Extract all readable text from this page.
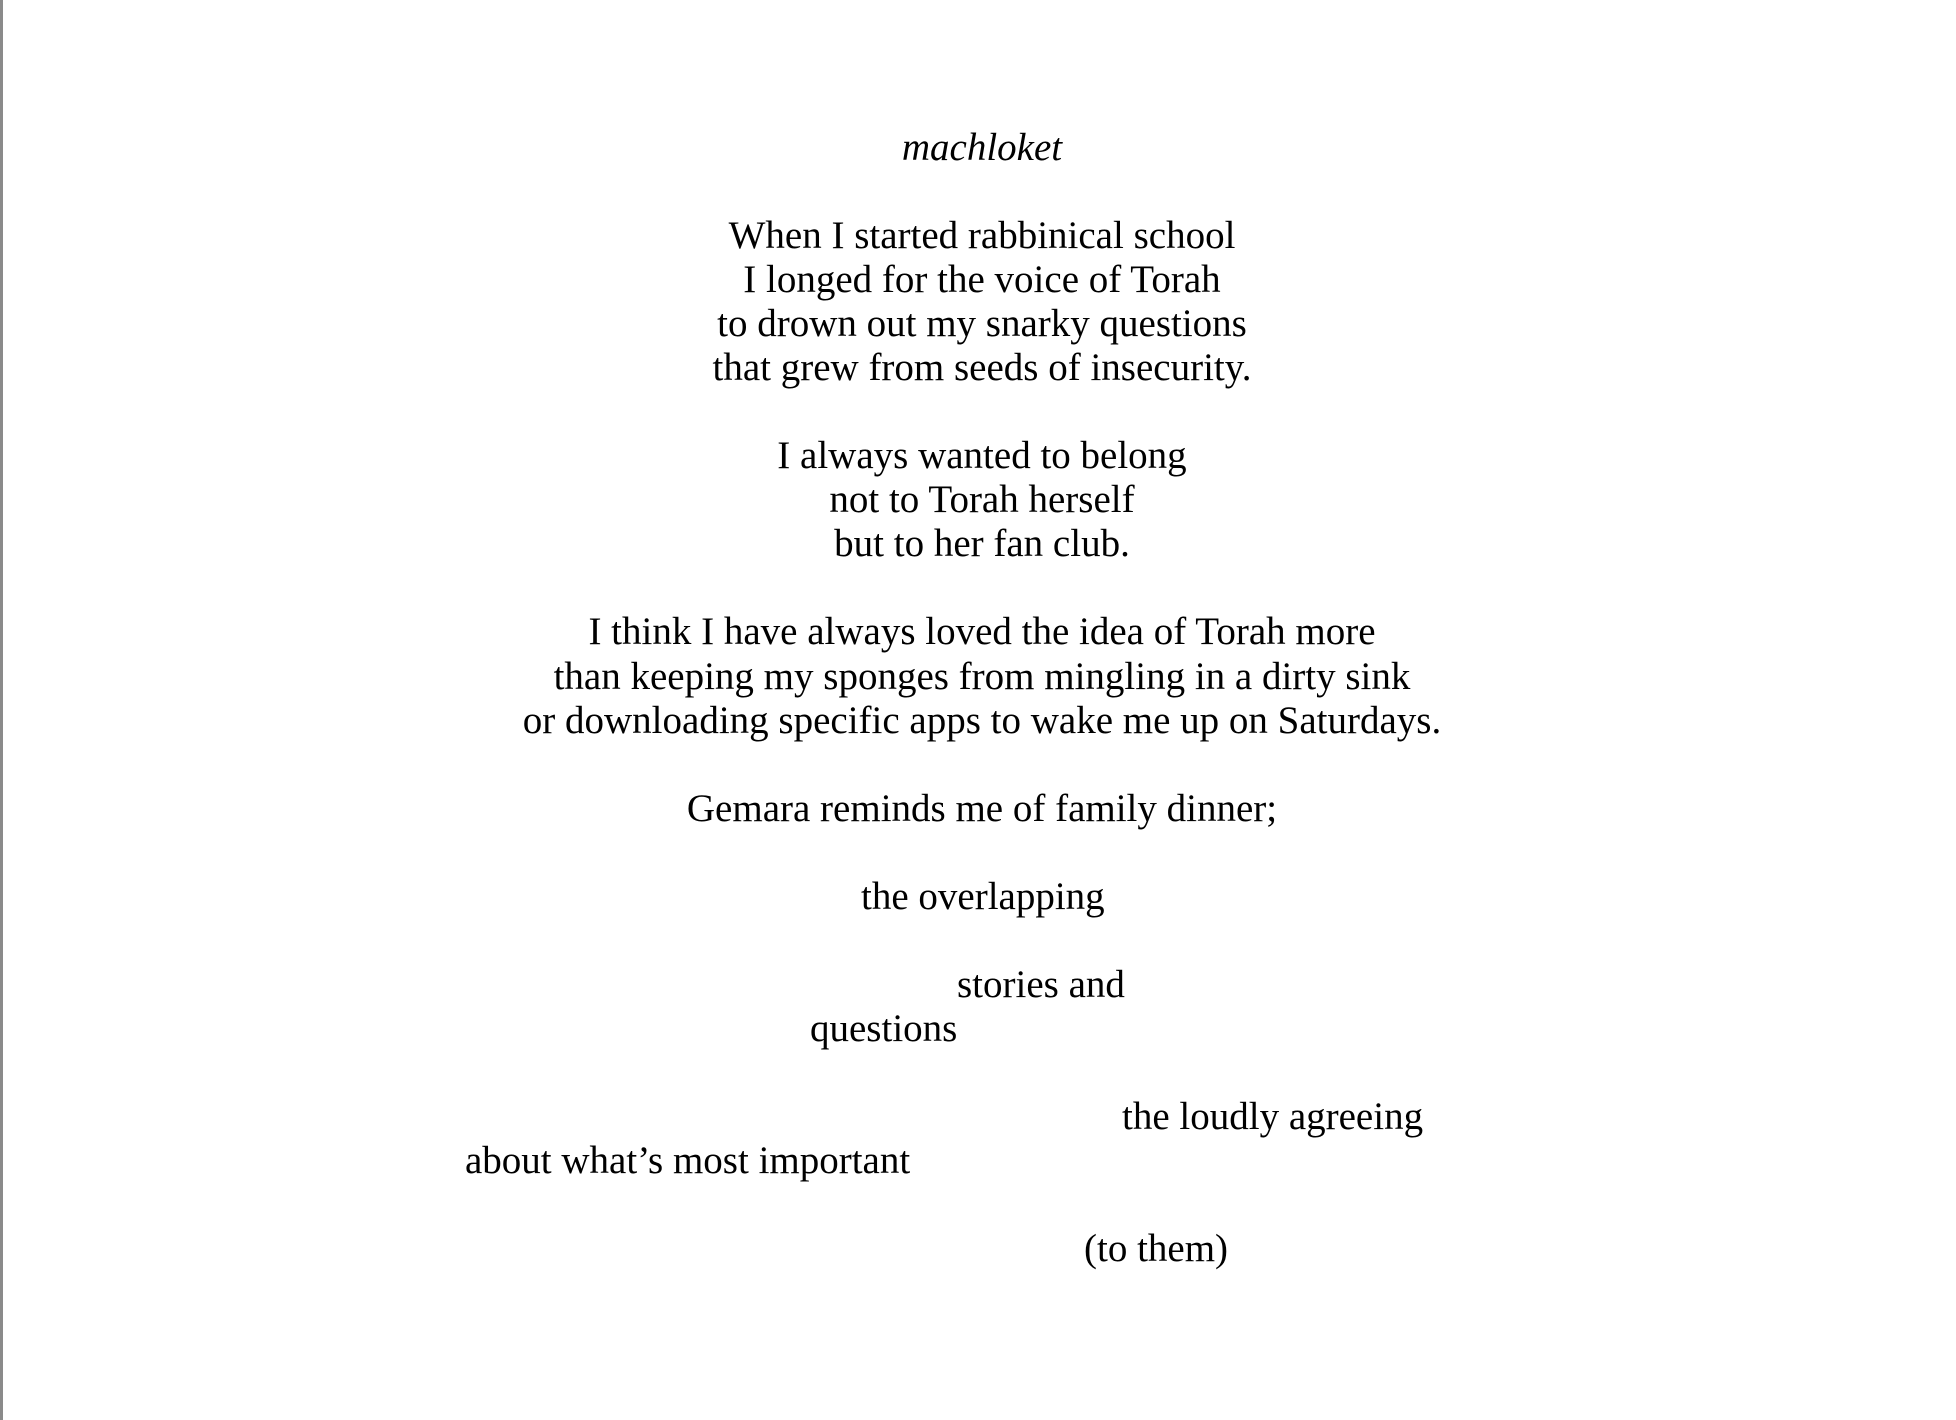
machloket

When I started rabbinical school

I longed for the voice of Torah

to drown out my snarky questions

that grew from seeds of insecurity.

I always wanted to belong

not to Torah herself

but to her fan club.

I think I have always loved the idea of Torah more

than keeping my sponges from mingling in a dirty sink

or downloading specific apps to wake me up on Saturdays.

Gemara reminds me of family dinner;

the overlapping

stories and

questions

the loudly agreeing

about what’s most important

(to them)
